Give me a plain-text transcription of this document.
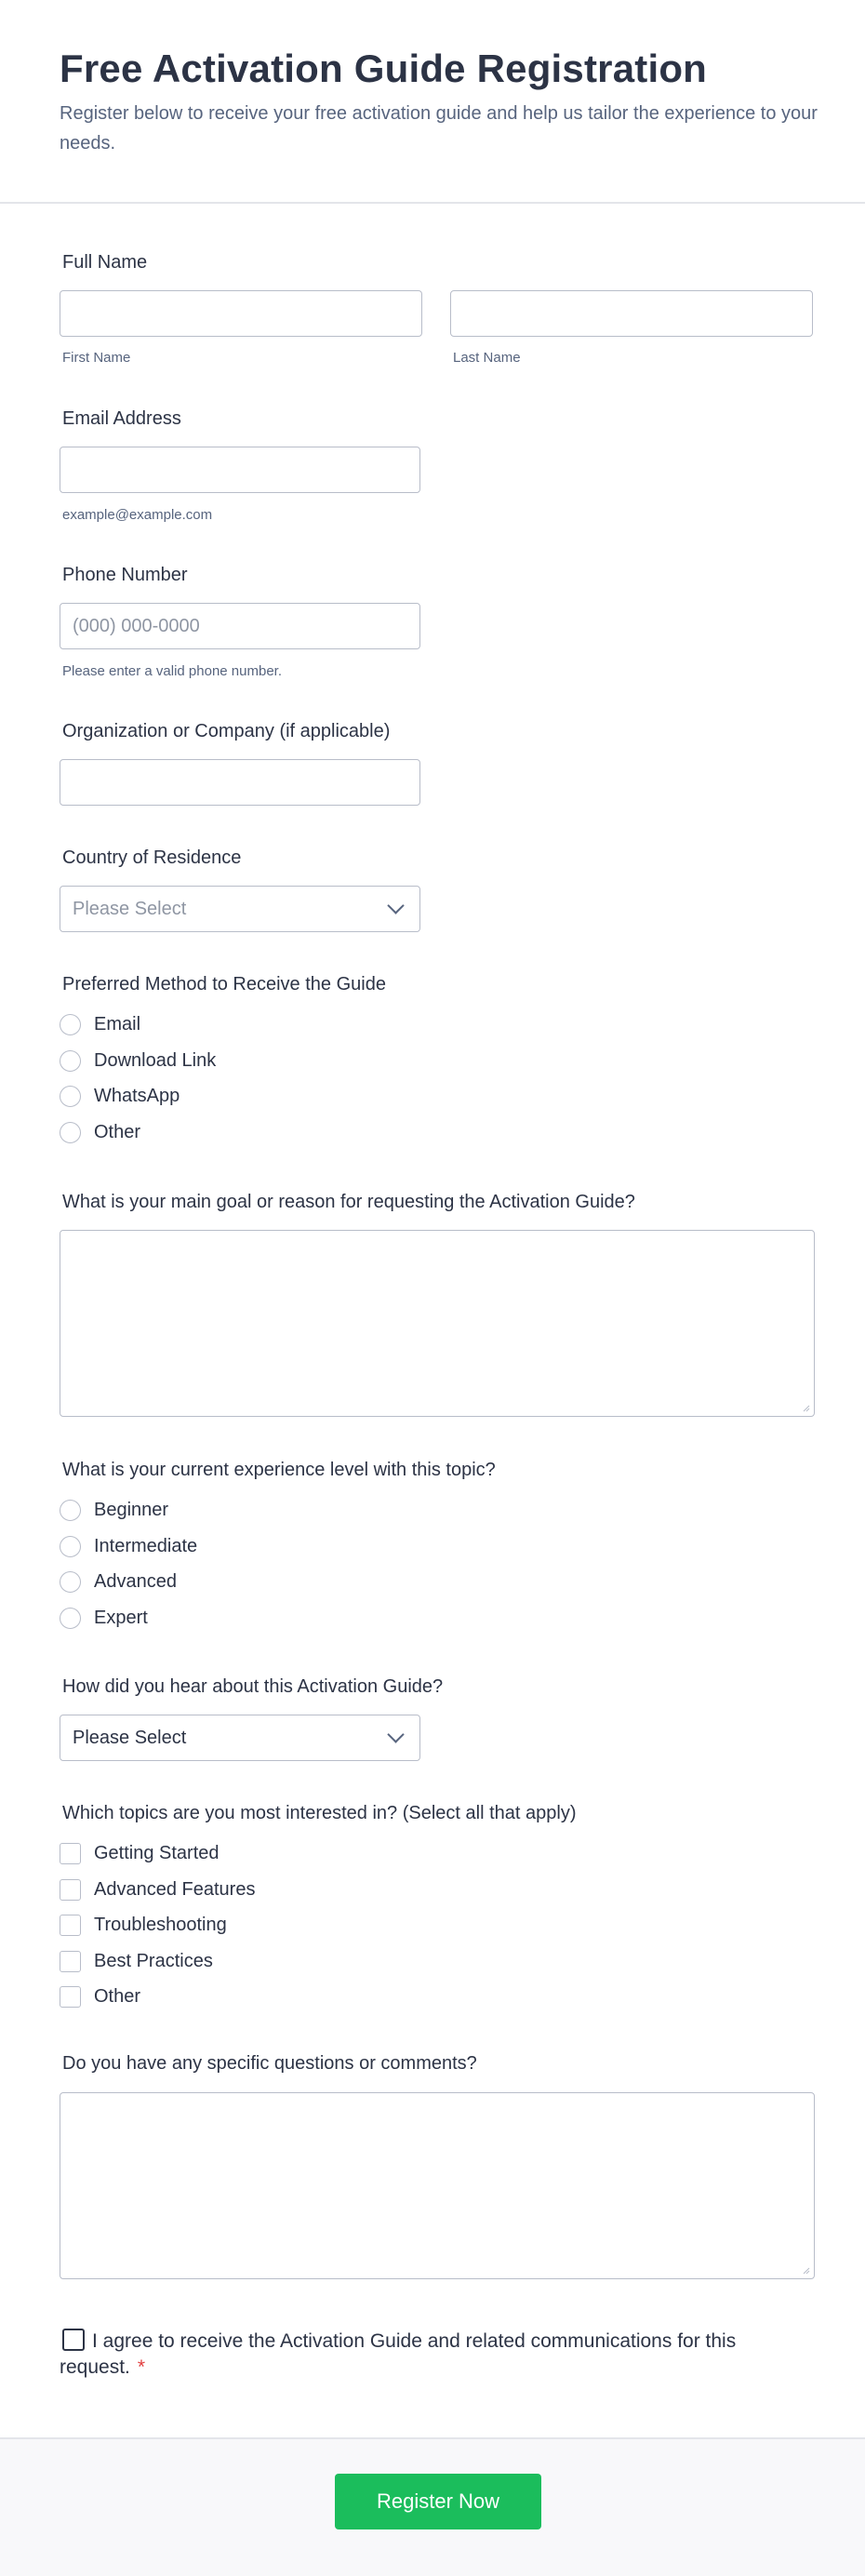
Free Activation Guide Registration

Register below to receive your free activation guide and help us tailor the experience to your needs.

Full Name
First Name	Last Name
Email Address
example@example.com
Phone Number
(000) 000-0000
Please enter a valid phone number.
Organization or Company (if applicable)
Country of Residence
Please Select
Preferred Method to Receive the Guide
Email
Download Link
WhatsApp
Other
What is your main goal or reason for requesting the Activation Guide?
What is your current experience level with this topic?
Beginner
Intermediate
Advanced
Expert
How did you hear about this Activation Guide?
Please Select
Which topics are you most interested in? (Select all that apply)
Getting Started
Advanced Features
Troubleshooting
Best Practices
Other
Do you have any specific questions or comments?
I agree to receive the Activation Guide and related communications for this request. *
Register Now
